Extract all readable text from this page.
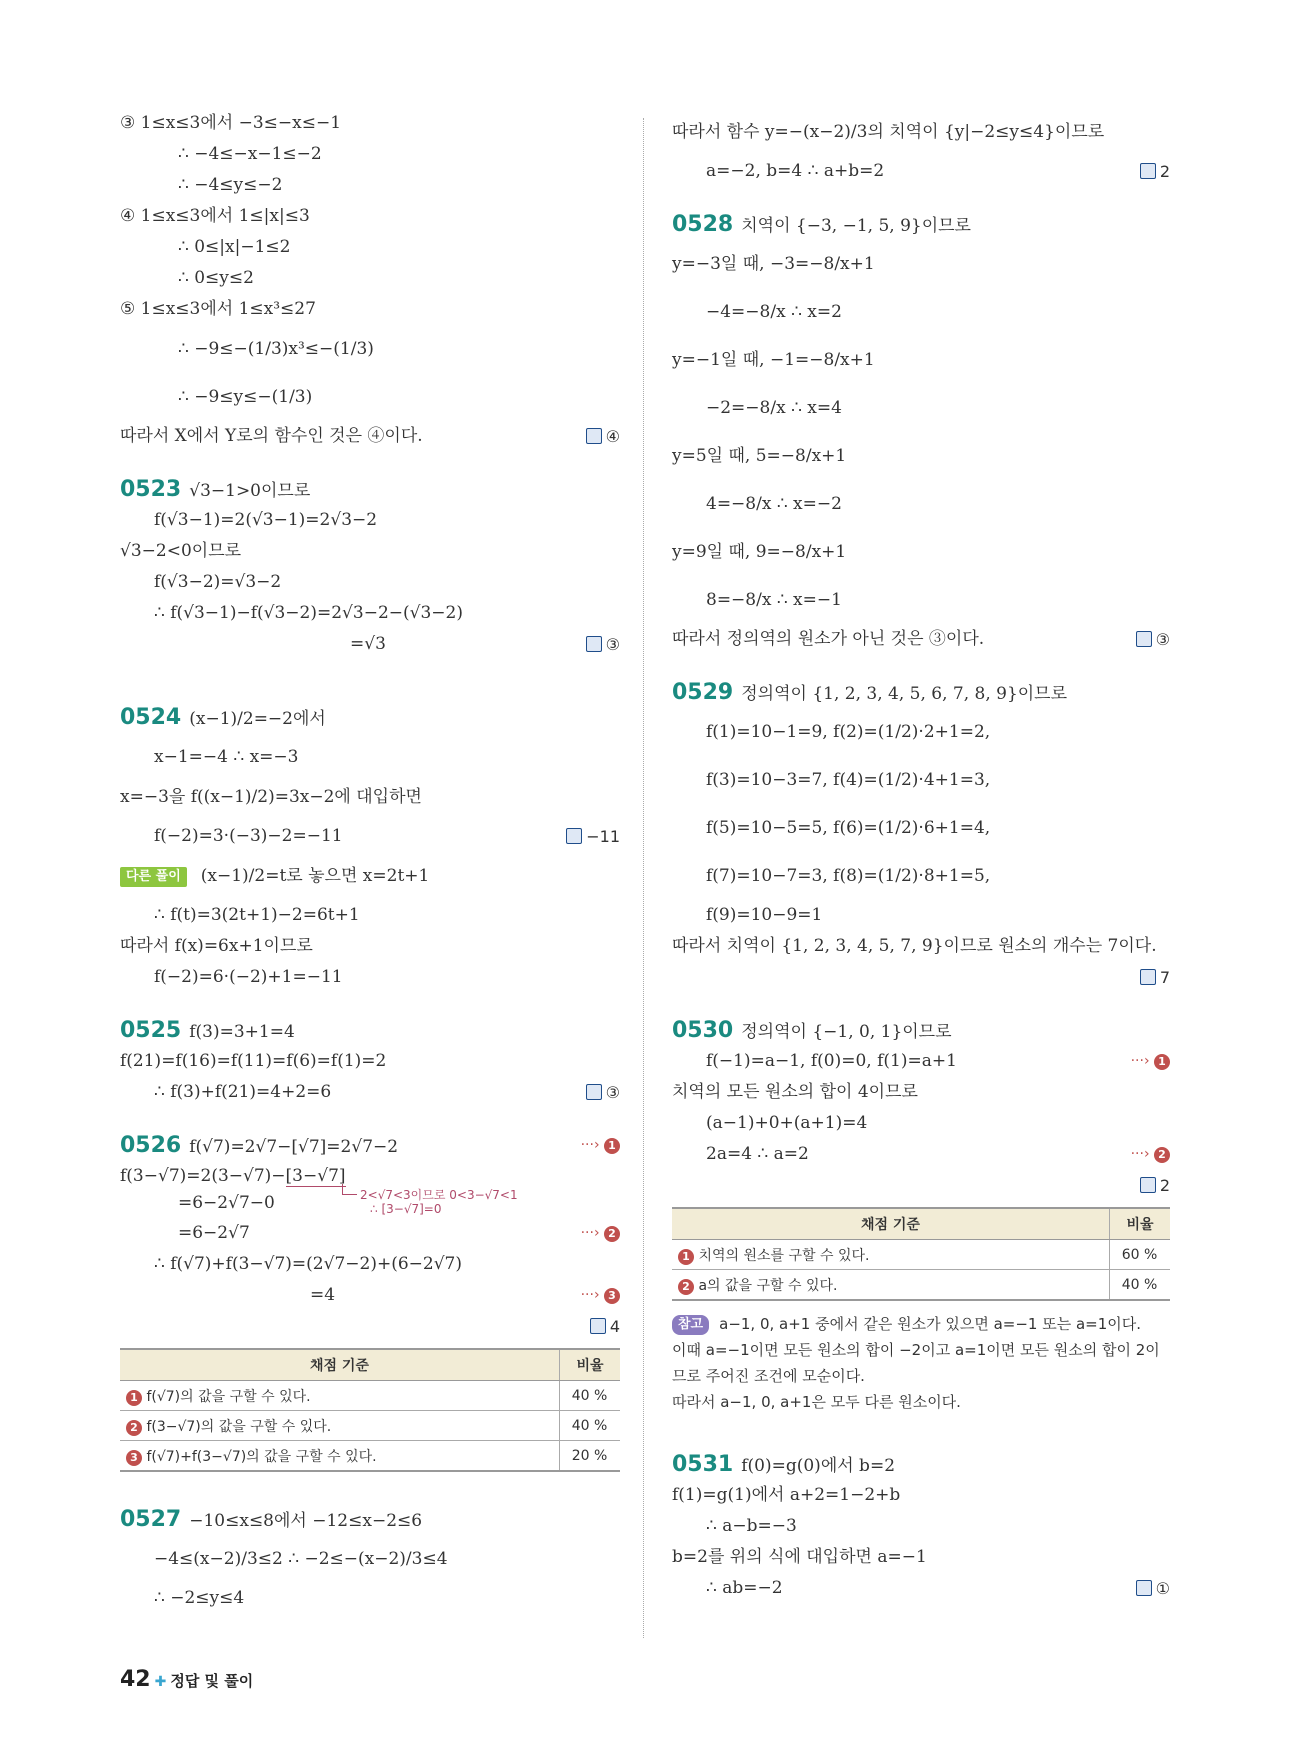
③ 1≤x≤3에서 −3≤−x≤−1
∴ −4≤−x−1≤−2
∴ −4≤y≤−2
④ 1≤x≤3에서 1≤|x|≤3
∴ 0≤|x|−1≤2
∴ 0≤y≤2
⑤ 1≤x≤3에서 1≤x³≤27
∴ −9≤−(1/3)x³≤−(1/3)
∴ −9≤y≤−(1/3)
따라서 X에서 Y로의 함수인 것은 ④이다.	④
0523 √3−1>0이므로
f(√3−1)=2(√3−1)=2√3−2
√3−2<0이므로
f(√3−2)=√3−2
∴ f(√3−1)−f(√3−2)=2√3−2−(√3−2)
=√3	③
0524 (x−1)/2=−2에서
x−1=−4 ∴ x=−3
x=−3을 f((x−1)/2)=3x−2에 대입하면
f(−2)=3·(−3)−2=−11	−11
다른 풀이 (x−1)/2=t로 놓으면 x=2t+1
∴ f(t)=3(2t+1)−2=6t+1
따라서 f(x)=6x+1이므로
f(−2)=6·(−2)+1=−11
0525 f(3)=3+1=4
f(21)=f(16)=f(11)=f(6)=f(1)=2
∴ f(3)+f(21)=4+2=6	③
0526 f(√7)=2√7−[√7]=2√7−2	···› 1
f(3−√7)=2(3−√7)−[3−√7]
=6−2√7−0	2<√7<3이므로 0<3−√7<1
∴ [3−√7]=0
=6−2√7	···› 2
∴ f(√7)+f(3−√7)=(2√7−2)+(6−2√7)
=4	···› 3
4
채점 기준	비율
1 f(√7)의 값을 구할 수 있다.	40 %
2 f(3−√7)의 값을 구할 수 있다.	40 %
3 f(√7)+f(3−√7)의 값을 구할 수 있다.	20 %
0527 −10≤x≤8에서 −12≤x−2≤6
−4≤(x−2)/3≤2 ∴ −2≤−(x−2)/3≤4
∴ −2≤y≤4
따라서 함수 y=−(x−2)/3의 치역이 {y|−2≤y≤4}이므로
a=−2, b=4 ∴ a+b=2	2
0528 치역이 {−3, −1, 5, 9}이므로
y=−3일 때, −3=−8/x+1
−4=−8/x ∴ x=2
y=−1일 때, −1=−8/x+1
−2=−8/x ∴ x=4
y=5일 때, 5=−8/x+1
4=−8/x ∴ x=−2
y=9일 때, 9=−8/x+1
8=−8/x ∴ x=−1
따라서 정의역의 원소가 아닌 것은 ③이다.	③
0529 정의역이 {1, 2, 3, 4, 5, 6, 7, 8, 9}이므로
f(1)=10−1=9, f(2)=(1/2)·2+1=2,
f(3)=10−3=7, f(4)=(1/2)·4+1=3,
f(5)=10−5=5, f(6)=(1/2)·6+1=4,
f(7)=10−7=3, f(8)=(1/2)·8+1=5,
f(9)=10−9=1
따라서 치역이 {1, 2, 3, 4, 5, 7, 9}이므로 원소의 개수는 7이다.
7
0530 정의역이 {−1, 0, 1}이므로
f(−1)=a−1, f(0)=0, f(1)=a+1	···› 1
치역의 모든 원소의 합이 4이므로
(a−1)+0+(a+1)=4
2a=4 ∴ a=2	···› 2
2
채점 기준	비율
1 치역의 원소를 구할 수 있다.	60 %
2 a의 값을 구할 수 있다.	40 %
참고 a−1, 0, a+1 중에서 같은 원소가 있으면 a=−1 또는 a=1이다.
이때 a=−1이면 모든 원소의 합이 −2이고 a=1이면 모든 원소의 합이 2이
므로 주어진 조건에 모순이다.
따라서 a−1, 0, a+1은 모두 다른 원소이다.
0531 f(0)=g(0)에서 b=2
f(1)=g(1)에서 a+2=1−2+b
∴ a−b=−3
b=2를 위의 식에 대입하면 a=−1
∴ ab=−2	①
42 ✚ 정답 및 풀이
